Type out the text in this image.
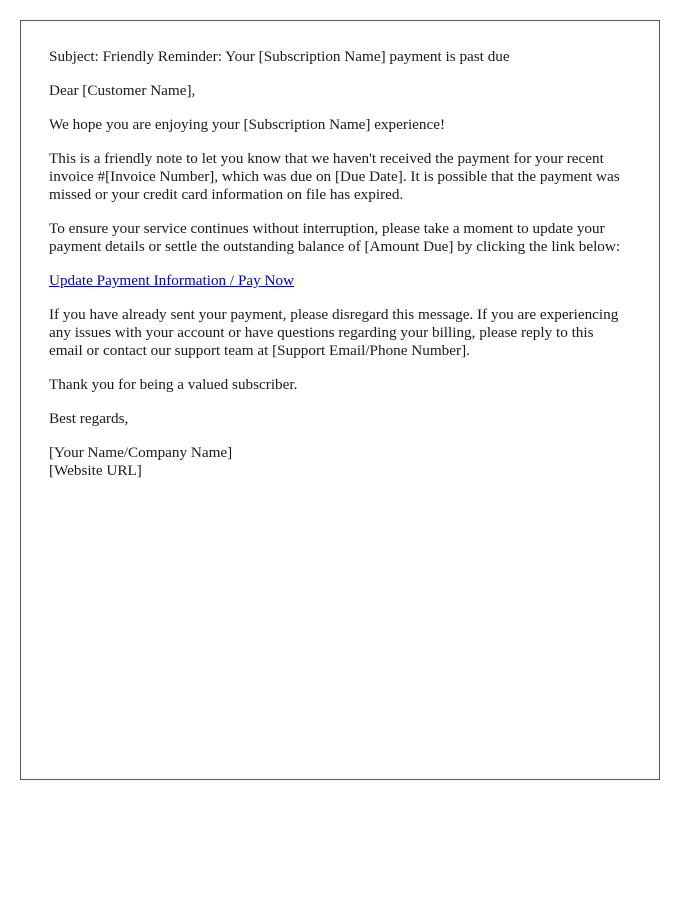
Subject: Friendly Reminder: Your [Subscription Name] payment is past due

Dear [Customer Name],

We hope you are enjoying your [Subscription Name] experience!

This is a friendly note to let you know that we haven't received the payment for your recent invoice #[Invoice Number], which was due on [Due Date]. It is possible that the payment was missed or your credit card information on file has expired.

To ensure your service continues without interruption, please take a moment to update your payment details or settle the outstanding balance of [Amount Due] by clicking the link below:

Update Payment Information / Pay Now

If you have already sent your payment, please disregard this message. If you are experiencing any issues with your account or have questions regarding your billing, please reply to this email or contact our support team at [Support Email/Phone Number].

Thank you for being a valued subscriber.

Best regards,

[Your Name/Company Name]
[Website URL]
